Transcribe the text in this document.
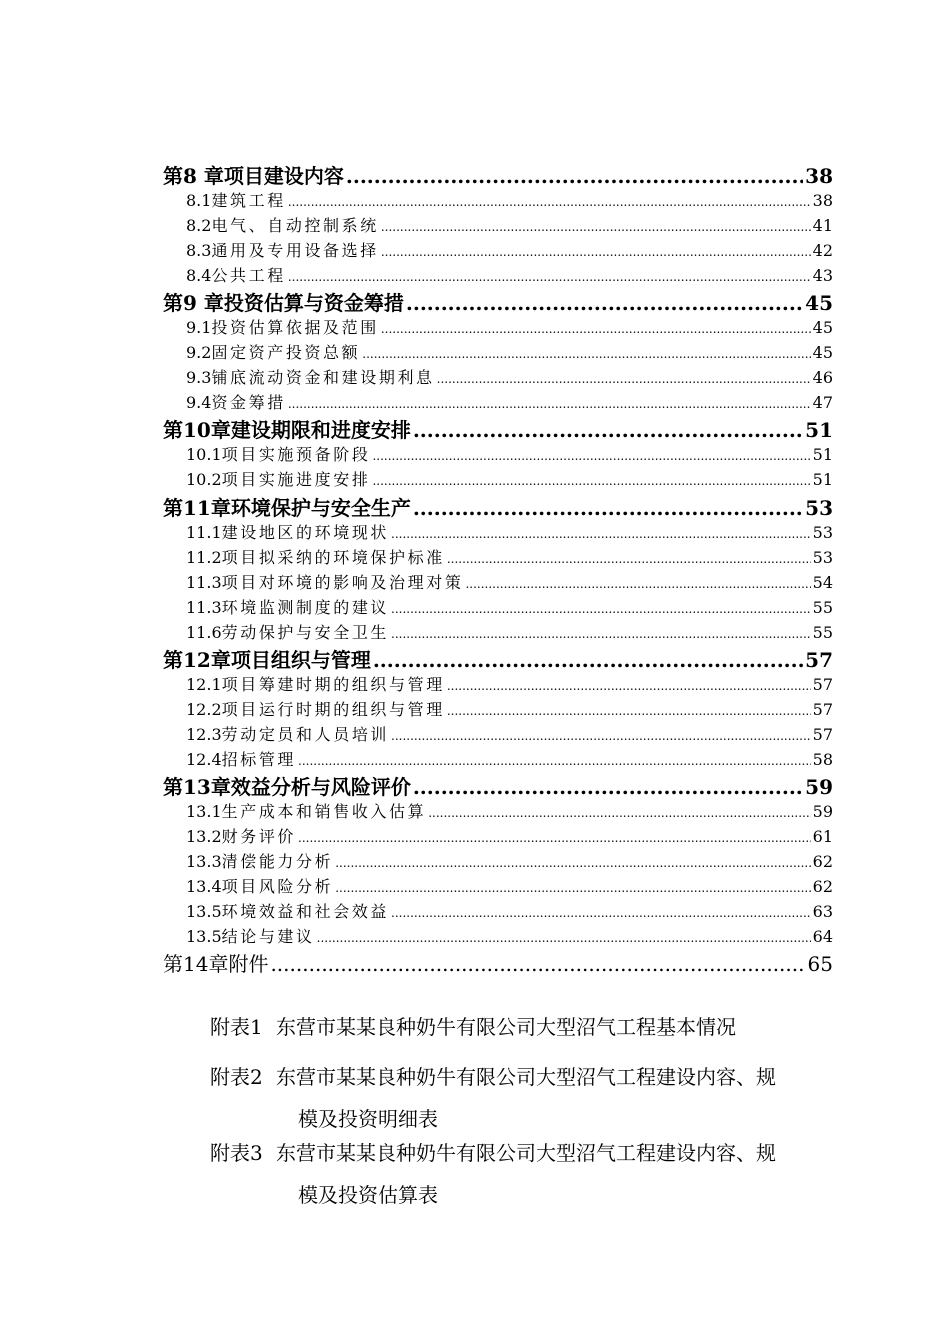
第8 章 项目建设内容 .....	38
8.1 建筑工程 .....	38
8.2 电气、自动控制系统 .....	41
8.3 通用及专用设备选择 .....	42
8.4 公共工程 .....	43
第9 章 投资估算与资金筹措 .....	45
9.1 投资估算依据及范围 .....	45
9.2 固定资产投资总额 .....	45
9.3 铺底流动资金和建设期利息 .....	46
9.4 资金筹措 .....	47
第10章 建设期限和进度安排 .....	51
10.1 项目实施预备阶段 .....	51
10.2 项目实施进度安排 .....	51
第11章 环境保护与安全生产 .....	53
11.1 建设地区的环境现状 .....	53
11.2 项目拟采纳的环境保护标准 .....	53
11.3 项目对环境的影响及治理对策 .....	54
11.3 环境监测制度的建议 .....	55
11.6 劳动保护与安全卫生 .....	55
第12章 项目组织与管理 .....	57
12.1 项目筹建时期的组织与管理 .....	57
12.2 项目运行时期的组织与管理 .....	57
12.3 劳动定员和人员培训 .....	57
12.4 招标管理 .....	58
第13章 效益分析与风险评价 .....	59
13.1 生产成本和销售收入估算 .....	59
13.2 财务评价 .....	61
13.3 清偿能力分析 .....	62
13.4 项目风险分析 .....	62
13.5 环境效益和社会效益 .....	63
13.5 结论与建议 .....	64
第14章 附件 .....	65
附表1 东营市某某良种奶牛有限公司大型沼气工程基本情况
附表2 东营市某某良种奶牛有限公司大型沼气工程建设内容、规
模及投资明细表
附表3 东营市某某良种奶牛有限公司大型沼气工程建设内容、规
模及投资估算表
